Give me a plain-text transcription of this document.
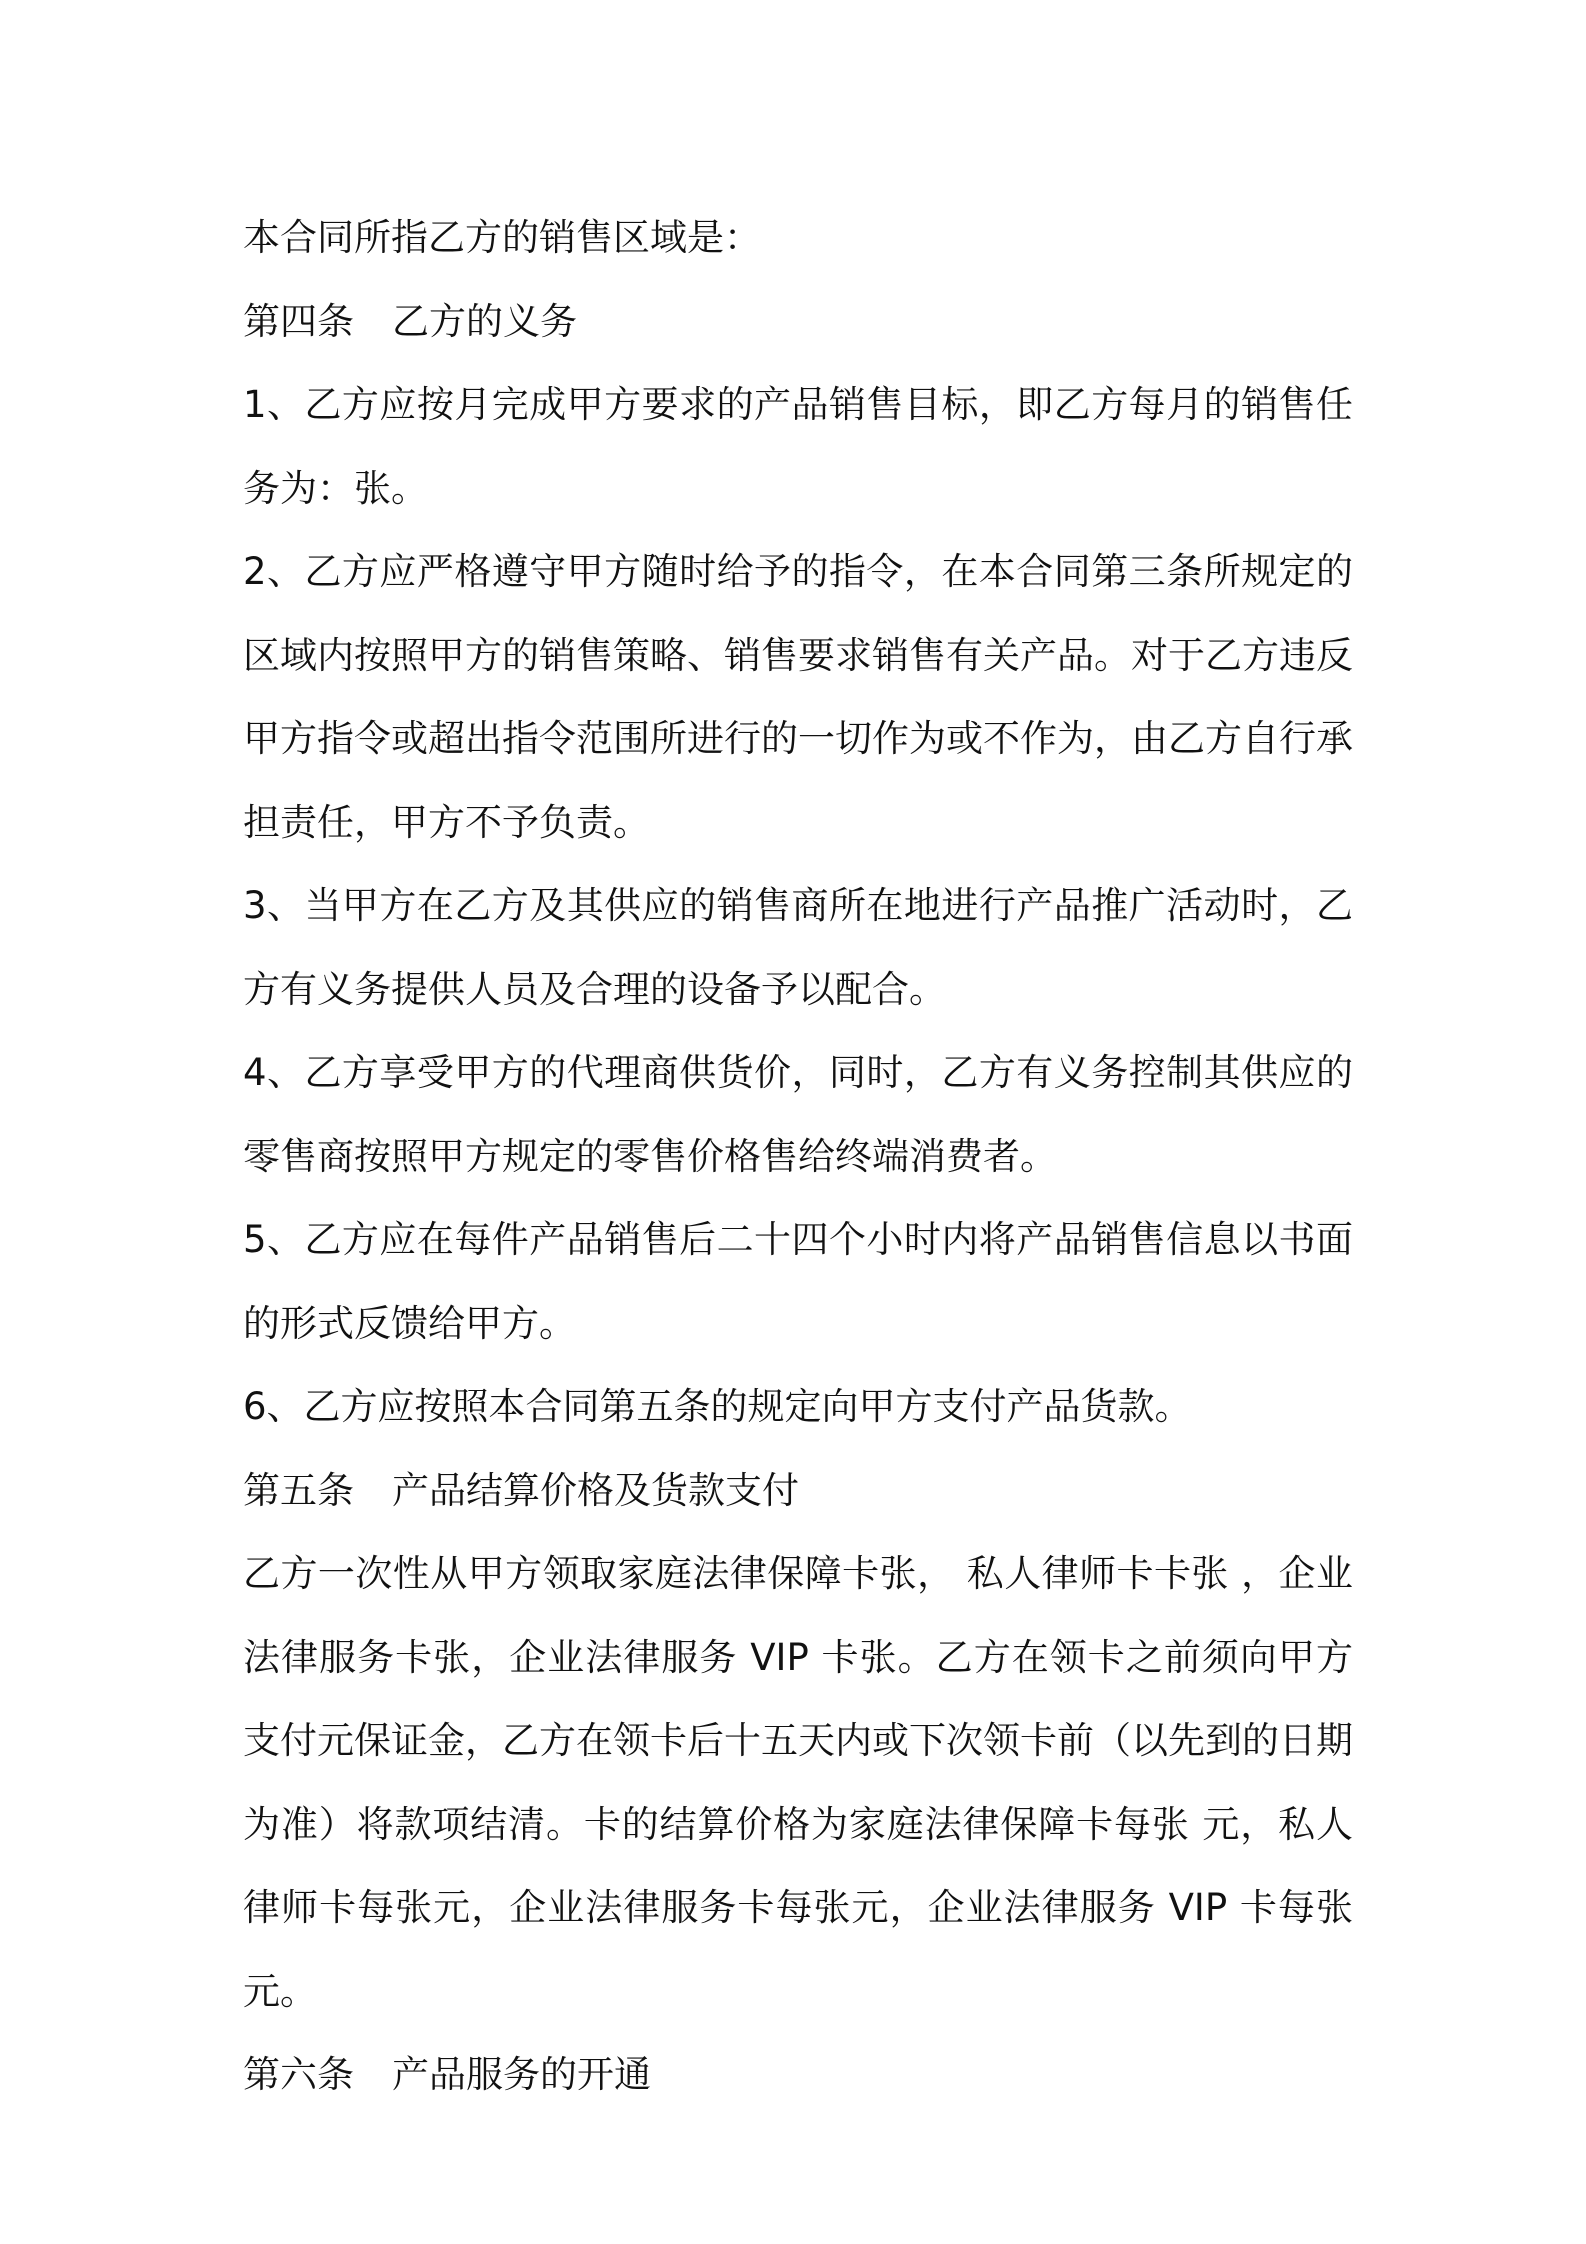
本合同所指乙方的销售区域是：

第四条 乙方的义务

1、乙方应按月完成甲方要求的产品销售目标，即乙方每月的销售任务为：张。

2、乙方应严格遵守甲方随时给予的指令，在本合同第三条所规定的区域内按照甲方的销售策略、销售要求销售有关产品。对于乙方违反甲方指令或超出指令范围所进行的一切作为或不作为，由乙方自行承担责任，甲方不予负责。

3、当甲方在乙方及其供应的销售商所在地进行产品推广活动时，乙方有义务提供人员及合理的设备予以配合。

4、乙方享受甲方的代理商供货价，同时，乙方有义务控制其供应的零售商按照甲方规定的零售价格售给终端消费者。

5、乙方应在每件产品销售后二十四个小时内将产品销售信息以书面的形式反馈给甲方。

6、乙方应按照本合同第五条的规定向甲方支付产品货款。

第五条 产品结算价格及货款支付

乙方一次性从甲方领取家庭法律保障卡张， 私人律师卡卡张 ，企业法律服务卡张，企业法律服务 VIP 卡张。乙方在领卡之前须向甲方支付元保证金，乙方在领卡后十五天内或下次领卡前（以先到的日期为准）将款项结清。卡的结算价格为家庭法律保障卡每张 元，私人律师卡每张元，企业法律服务卡每张元，企业法律服务 VIP 卡每张元。

第六条 产品服务的开通
